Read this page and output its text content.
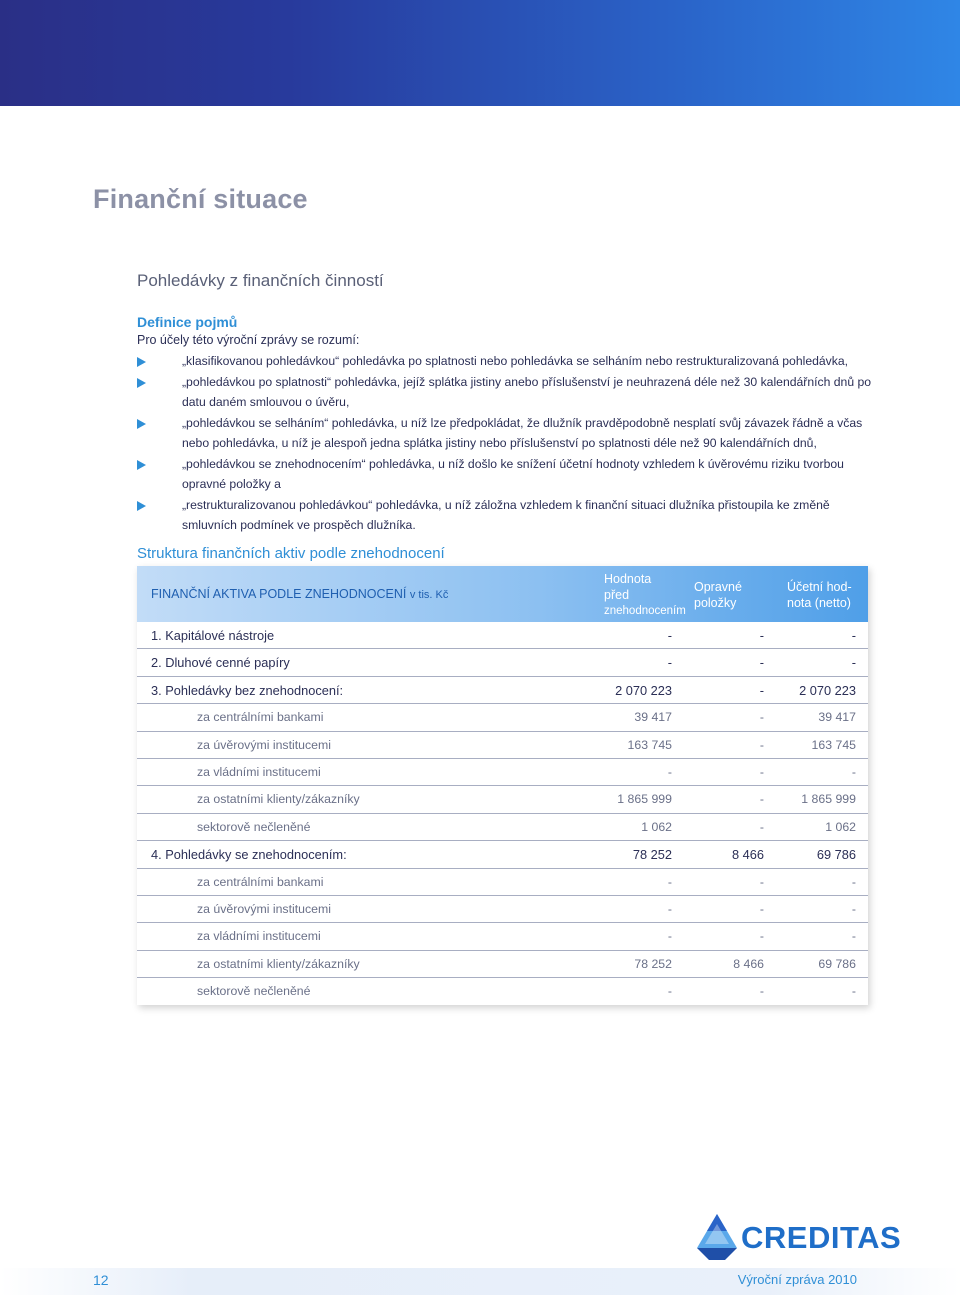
Finanční situace
Pohledávky z finančních činností
Definice pojmů
Pro účely této výroční zprávy se rozumí:
„klasifikovanou pohledávkou“ pohledávka po splatnosti nebo pohledávka se selháním nebo restrukturalizovaná pohledávka,
„pohledávkou po splatnosti“ pohledávka, jejíž splátka jistiny anebo příslušenství je neuhrazená déle než 30 kalendářních dnů po datu daném smlouvou o úvěru,
„pohledávkou se selháním“ pohledávka, u níž lze předpokládat, že dlužník pravděpodobně nesplatí svůj závazek řádně a včas nebo pohledávka, u níž je alespoň jedna splátka jistiny nebo příslušenství po splatnosti déle než 90 kalendářních dnů,
„pohledávkou se znehodnocením“ pohledávka, u níž došlo ke snížení účetní hodnoty vzhledem k úvěrovému riziku tvorbou opravné položky a
„restrukturalizovanou pohledávkou“ pohledávka, u níž záložna vzhledem k finanční situaci dlužníka přistoupila ke změně smluvních podmínek ve prospěch dlužníka.
Struktura finančních aktiv podle znehodnocení
FINANČNÍ AKTIVA PODLE ZNEHODNOCENÍ v tis. Kč
Hodnota
před
znehodnocením
Opravné položky
Účetní hod-nota (netto)
1. Kapitálové nástroje	-	-	-
2. Dluhové cenné papíry	-	-	-
3. Pohledávky bez znehodnocení:	2 070 223	-	2 070 223
za centrálními bankami	39 417	-	39 417
za úvěrovými institucemi	163 745	-	163 745
za vládními institucemi	-	-	-
za ostatními klienty/zákazníky	1 865 999	-	1 865 999
sektorově nečleněné	1 062	-	1 062
4. Pohledávky se znehodnocením:	78 252	8 466	69 786
za centrálními bankami	-	-	-
za úvěrovými institucemi	-	-	-
za vládními institucemi	-	-	-
za ostatními klienty/zákazníky	78 252	8 466	69 786
sektorově nečleněné	-	-	-
CREDITAS
12	Výroční zpráva 2010
